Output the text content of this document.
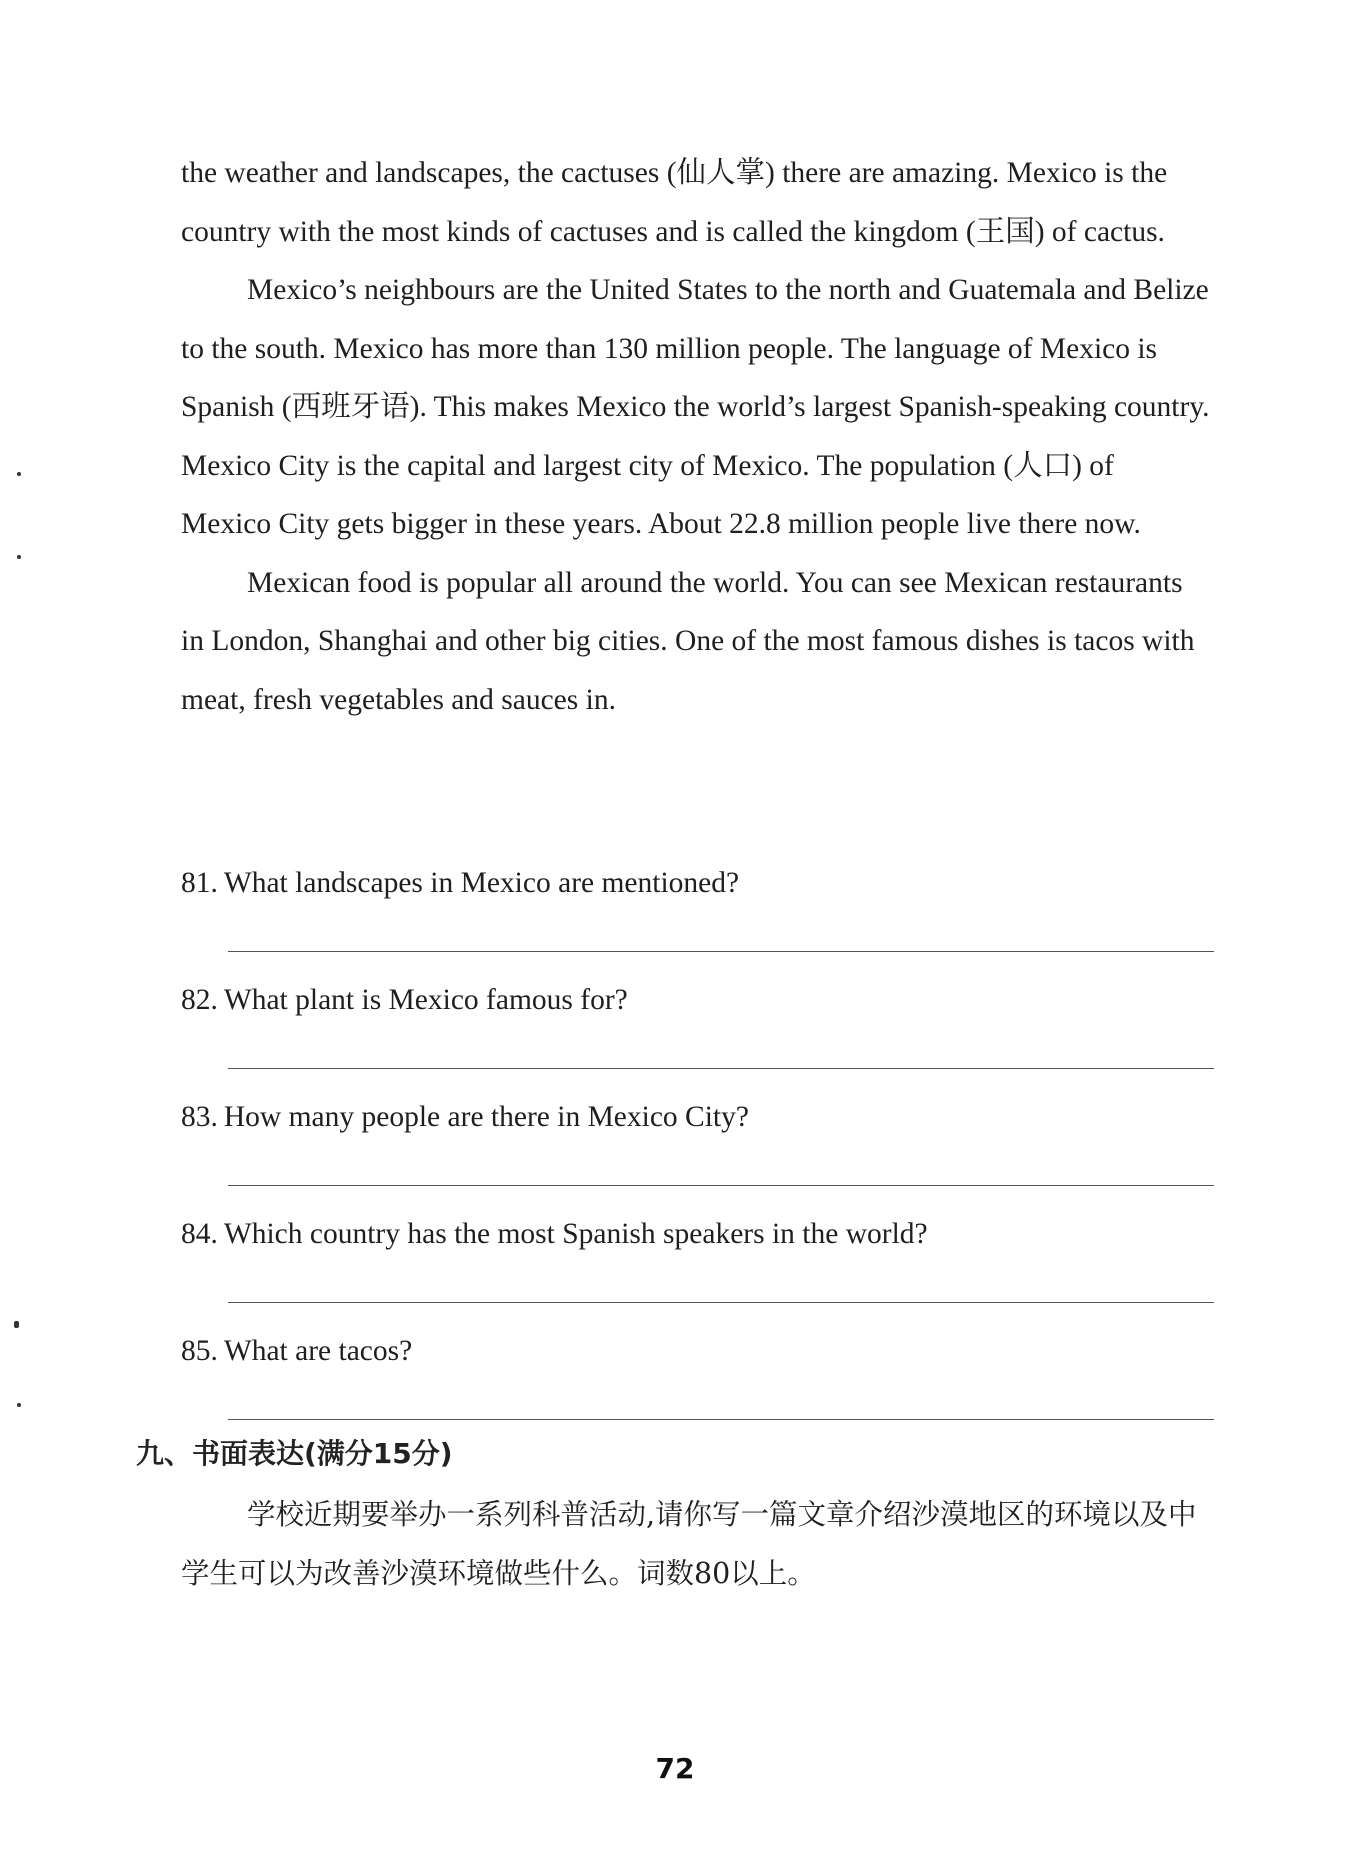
the weather and landscapes, the cactuses (仙人掌) there are amazing. Mexico is the country with the most kinds of cactuses and is called the kingdom (王国) of cactus.

Mexico’s neighbours are the United States to the north and Guatemala and Belize to the south. Mexico has more than 130 million people. The language of Mexico is Spanish (西班牙语). This makes Mexico the world’s largest Spanish-speaking country. Mexico City is the capital and largest city of Mexico. The population (人口) of Mexico City gets bigger in these years. About 22.8 million people live there now.

Mexican food is popular all around the world. You can see Mexican restaurants in London, Shanghai and other big cities. One of the most famous dishes is tacos with meat, fresh vegetables and sauces in.

81. What landscapes in Mexico are mentioned?
82. What plant is Mexico famous for?
83. How many people are there in Mexico City?
84. Which country has the most Spanish speakers in the world?
85. What are tacos?
九、书面表达(满分15分)

学校近期要举办一系列科普活动,请你写一篇文章介绍沙漠地区的环境以及中学生可以为改善沙漠环境做些什么。词数80以上。

72
